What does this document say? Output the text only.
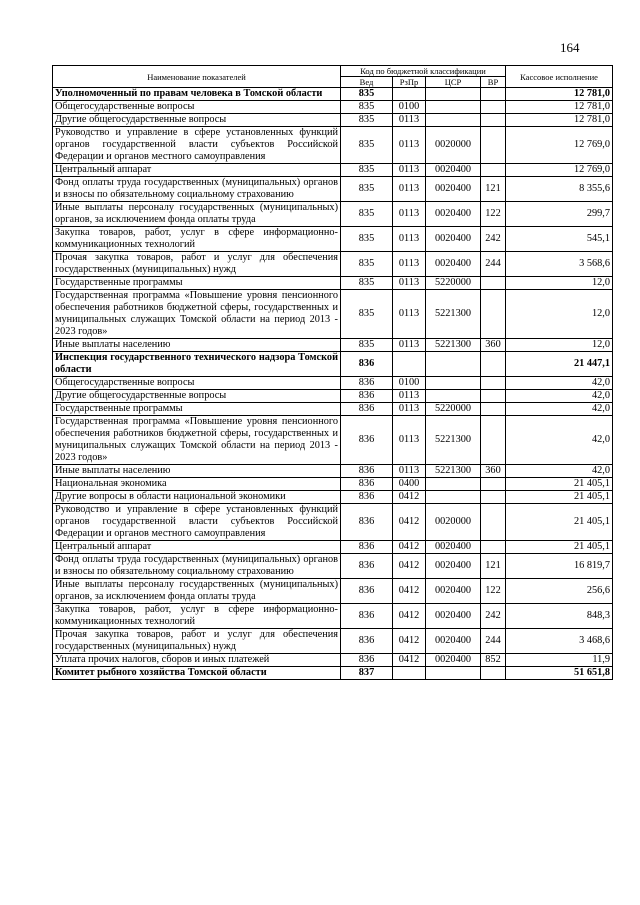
164
Наименование показателей	Код по бюджетной классификации				Кассовое исполнение
	Вед	РзПр	ЦСР	ВР	
Уполномоченный по правам человека в Томской области	835				12 781,0
Общегосударственные вопросы	835	0100			12 781,0
Другие общегосударственные вопросы	835	0113			12 781,0
Руководство и управление в сфере установленных функций органов государственной власти субъектов Российской Федерации и органов местного самоуправления	835	0113	0020000		12 769,0
Центральный аппарат	835	0113	0020400		12 769,0
Фонд оплаты труда государственных (муниципальных) органов и взносы по обязательному социальному страхованию	835	0113	0020400	121	8 355,6
Иные выплаты персоналу государственных (муниципальных) органов, за исключением фонда оплаты труда	835	0113	0020400	122	299,7
Закупка товаров, работ, услуг в сфере информационно-коммуникационных технологий	835	0113	0020400	242	545,1
Прочая закупка товаров, работ и услуг для обеспечения государственных (муниципальных) нужд	835	0113	0020400	244	3 568,6
Государственные программы	835	0113	5220000		12,0
Государственная программа «Повышение уровня пенсионного обеспечения работников бюджетной сферы, государственных и муниципальных служащих Томской области на период 2013 - 2023 годов»	835	0113	5221300		12,0
Иные выплаты населению	835	0113	5221300	360	12,0
Инспекция государственного технического надзора Томской области	836				21 447,1
Общегосударственные вопросы	836	0100			42,0
Другие общегосударственные вопросы	836	0113			42,0
Государственные программы	836	0113	5220000		42,0
Государственная программа «Повышение уровня пенсионного обеспечения работников бюджетной сферы, государственных и муниципальных служащих Томской области на период 2013 - 2023 годов»	836	0113	5221300		42,0
Иные выплаты населению	836	0113	5221300	360	42,0
Национальная экономика	836	0400			21 405,1
Другие вопросы в области национальной экономики	836	0412			21 405,1
Руководство и управление в сфере установленных функций органов государственной власти субъектов Российской Федерации и органов местного самоуправления	836	0412	0020000		21 405,1
Центральный аппарат	836	0412	0020400		21 405,1
Фонд оплаты труда государственных (муниципальных) органов и взносы по обязательному социальному страхованию	836	0412	0020400	121	16 819,7
Иные выплаты персоналу государственных (муниципальных) органов, за исключением фонда оплаты труда	836	0412	0020400	122	256,6
Закупка товаров, работ, услуг в сфере информационно-коммуникационных технологий	836	0412	0020400	242	848,3
Прочая закупка товаров, работ и услуг для обеспечения государственных (муниципальных) нужд	836	0412	0020400	244	3 468,6
Уплата прочих налогов, сборов и иных платежей	836	0412	0020400	852	11,9
Комитет рыбного хозяйства Томской области	837				51 651,8
